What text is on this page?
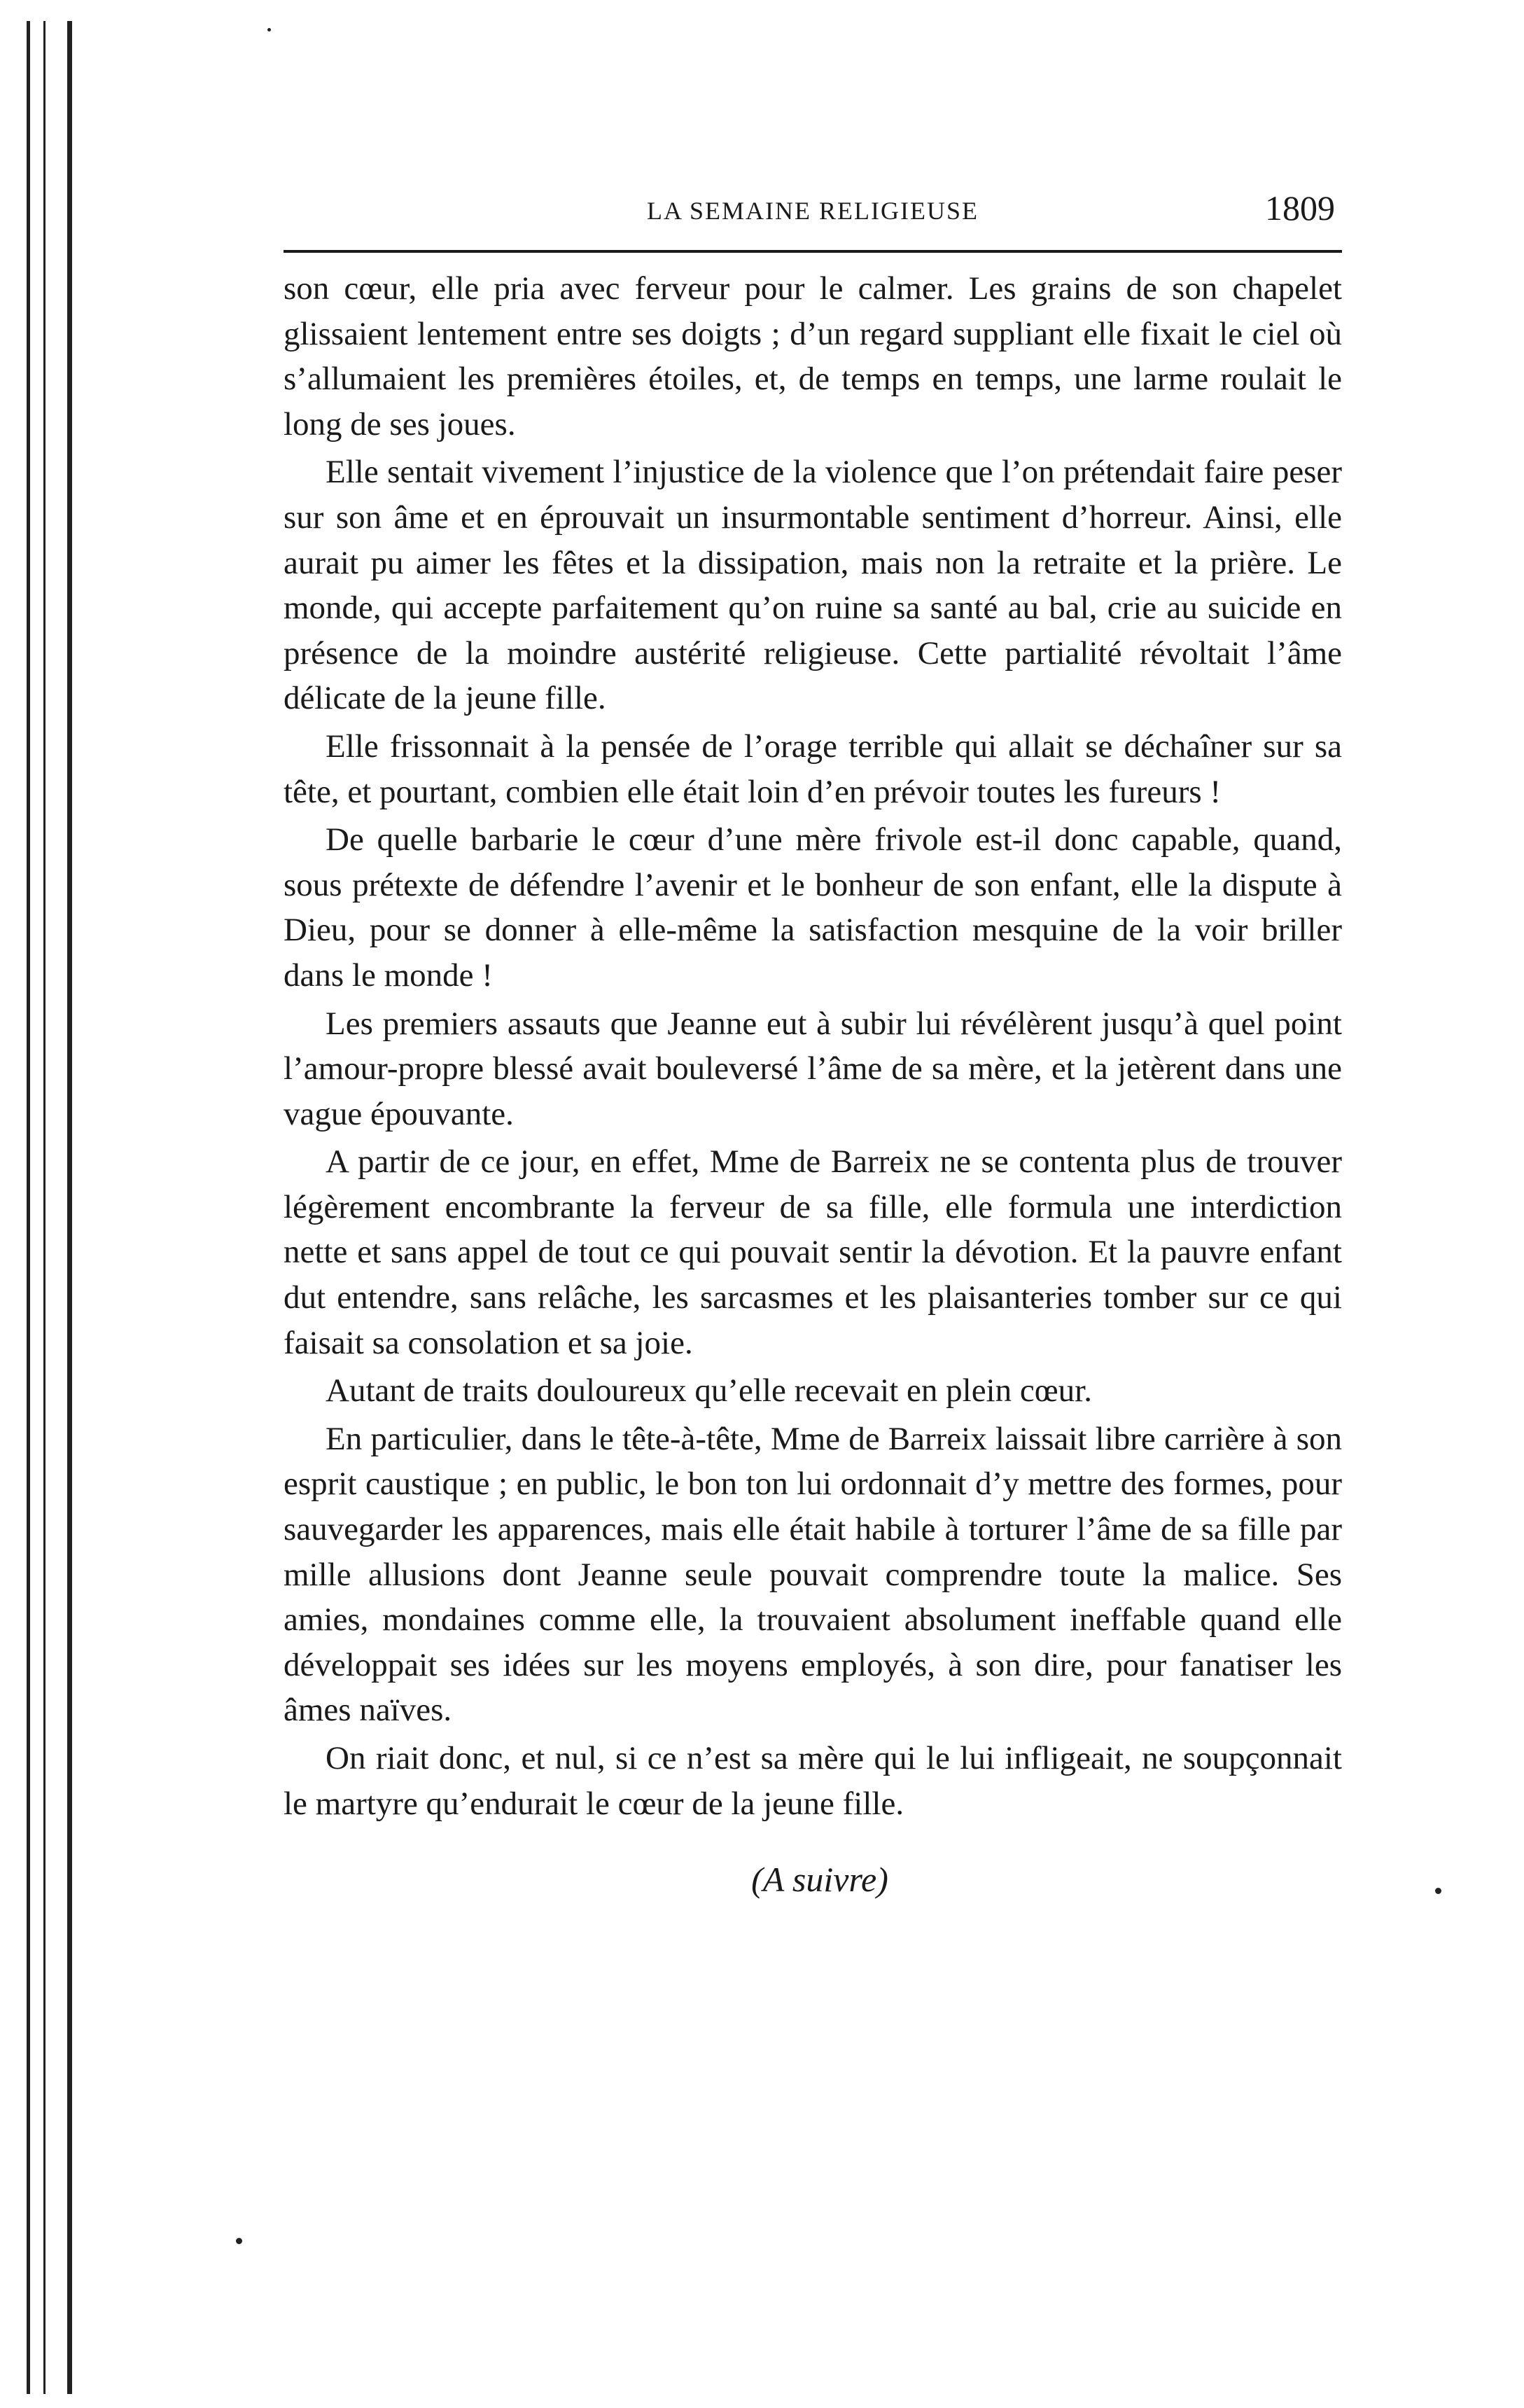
LA SEMAINE RELIGIEUSE	1809

son cœur, elle pria avec ferveur pour le calmer. Les grains de son chapelet glissaient lentement entre ses doigts ; d’un regard suppliant elle fixait le ciel où s’allumaient les premières étoiles, et, de temps en temps, une larme roulait le long de ses joues.

Elle sentait vivement l’injustice de la violence que l’on prétendait faire peser sur son âme et en éprouvait un insurmontable sentiment d’horreur. Ainsi, elle aurait pu aimer les fêtes et la dissipation, mais non la retraite et la prière. Le monde, qui accepte parfaitement qu’on ruine sa santé au bal, crie au suicide en présence de la moindre austérité religieuse. Cette partialité révoltait l’âme délicate de la jeune fille.

Elle frissonnait à la pensée de l’orage terrible qui allait se déchaîner sur sa tête, et pourtant, combien elle était loin d’en prévoir toutes les fureurs !

De quelle barbarie le cœur d’une mère frivole est-il donc capable, quand, sous prétexte de défendre l’avenir et le bonheur de son enfant, elle la dispute à Dieu, pour se donner à elle-même la satisfaction mesquine de la voir briller dans le monde !

Les premiers assauts que Jeanne eut à subir lui révélèrent jusqu’à quel point l’amour-propre blessé avait bouleversé l’âme de sa mère, et la jetèrent dans une vague épouvante.

A partir de ce jour, en effet, Mme de Barreix ne se contenta plus de trouver légèrement encombrante la ferveur de sa fille, elle formula une interdiction nette et sans appel de tout ce qui pouvait sentir la dévotion. Et la pauvre enfant dut entendre, sans relâche, les sarcasmes et les plaisanteries tomber sur ce qui faisait sa consolation et sa joie.

Autant de traits douloureux qu’elle recevait en plein cœur.

En particulier, dans le tête-à-tête, Mme de Barreix laissait libre carrière à son esprit caustique ; en public, le bon ton lui ordonnait d’y mettre des formes, pour sauvegarder les apparences, mais elle était habile à torturer l’âme de sa fille par mille allusions dont Jeanne seule pouvait comprendre toute la malice. Ses amies, mondaines comme elle, la trouvaient absolument ineffable quand elle développait ses idées sur les moyens employés, à son dire, pour fanatiser les âmes naïves.

On riait donc, et nul, si ce n’est sa mère qui le lui infligeait, ne soupçonnait le martyre qu’endurait le cœur de la jeune fille.

(A suivre)
